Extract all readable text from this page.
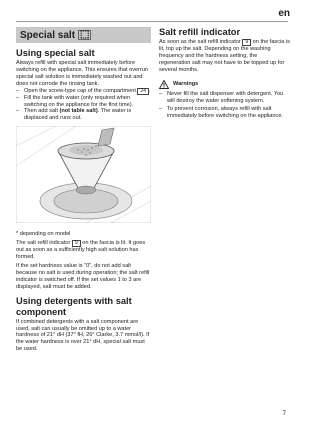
en
Special salt ⬚
Using special salt

Always refill with special salt immediately before switching on the appliance. This ensures that overrun special salt solution is immediately washed out and does not corrode the rinsing tank.

– Open the screw-type cap of the compartment 24 .
– Fill the tank with water (only required when switching on the appliance for the first time).
– Then add salt (not table salt). The water is displaced and runs out.

* depending on model

The salt refill indicator 9 on the fascia is lit. It goes out as soon as a sufficiently high salt solution has formed.

If the set hardness value is "0", do not add salt because no salt is used during operation; the salt refill indicator is switched off. If the set values 1 to 3 are displayed, salt must be added.

Using detergents with salt component

If combined detergents with a salt component are used, salt can usually be omitted up to a water hardness of 21° dH (37° fH, 26° Clarke, 3.7 mmol/l). If the water hardness is over 21° dH, special salt must be used.

Salt refill indicator

As soon as the salt refill indicator 9 on the fascia is lit, top up the salt. Depending on the washing frequency and the hardness setting, the regeneration salt may not have to be topped up for several months.

Warnings
– Never fill the salt dispenser with detergent. You will destroy the water softening system.
– To prevent corrosion, always refill with salt immediately before switching on the appliance.
7
